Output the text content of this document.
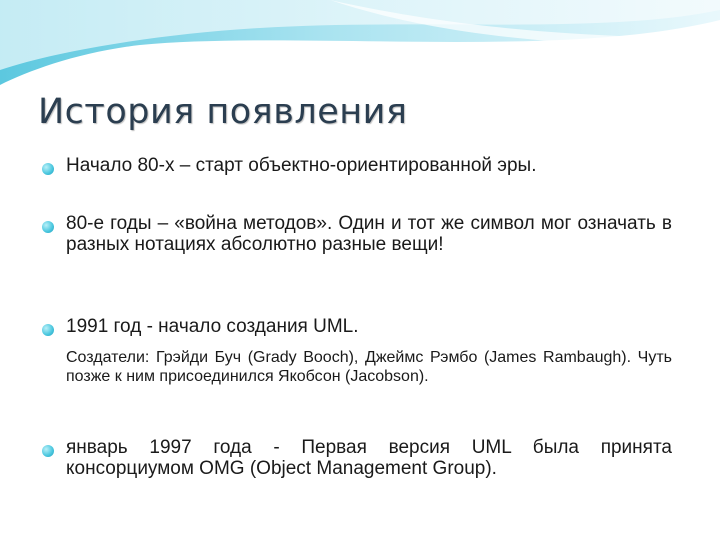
История появления
Начало 80-х – старт объектно-ориентированной эры.
80-е годы – «война методов». Один и тот же символ мог означать в разных нотациях абсолютно разные вещи!
1991 год - начало создания UML.
Создатели: Грэйди Буч (Grady Booch), Джеймс Рэмбо (James Rambaugh). Чуть позже к ним присоединился Якобсон (Jacobson).
январь 1997 года - Первая версия UML была принята консорциумом OMG (Object Management Group).
